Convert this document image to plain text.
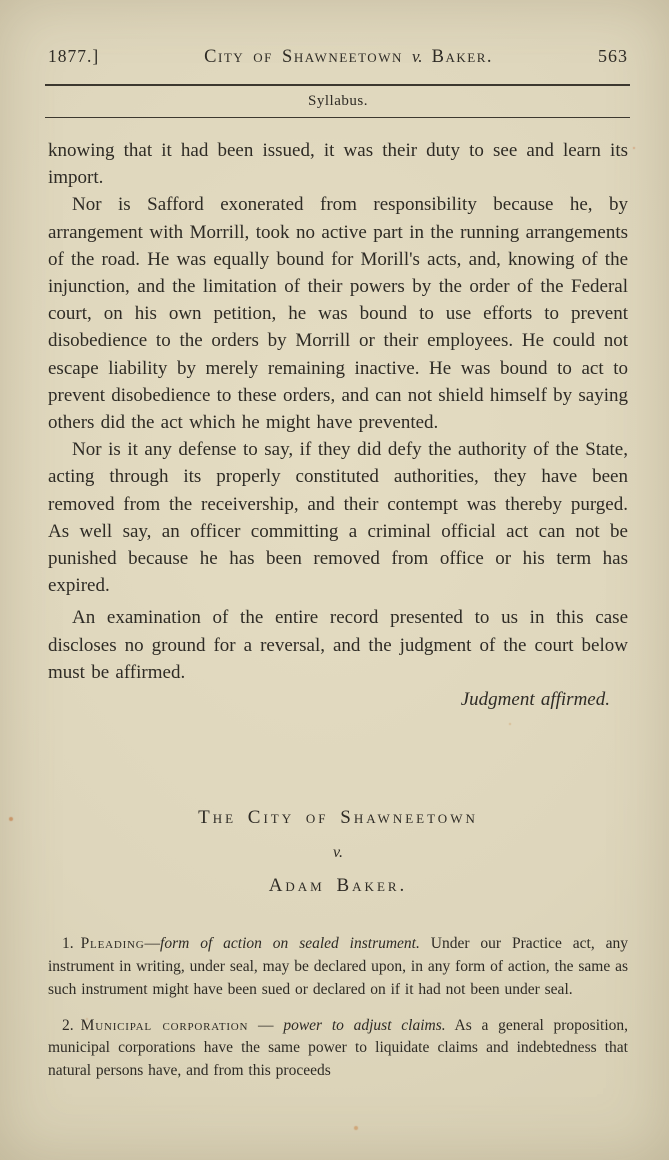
1877.]	City of Shawneetown v. Baker.	563
Syllabus.

knowing that it had been issued, it was their duty to see and learn its import.

Nor is Safford exonerated from responsibility because he, by arrangement with Morrill, took no active part in the running arrangements of the road. He was equally bound for Morill's acts, and, knowing of the injunction, and the limitation of their powers by the order of the Federal court, on his own petition, he was bound to use efforts to prevent disobedience to the orders by Morrill or their employees. He could not escape liability by merely remaining inactive. He was bound to act to prevent disobedience to these orders, and can not shield himself by saying others did the act which he might have prevented.

Nor is it any defense to say, if they did defy the authority of the State, acting through its properly constituted authorities, they have been removed from the receivership, and their contempt was thereby purged. As well say, an officer committing a criminal official act can not be punished because he has been removed from office or his term has expired.

An examination of the entire record presented to us in this case discloses no ground for a reversal, and the judgment of the court below must be affirmed.

Judgment affirmed.

The City of Shawneetown
v.
Adam Baker.

1. Pleading—form of action on sealed instrument. Under our Practice act, any instrument in writing, under seal, may be declared upon, in any form of action, the same as such instrument might have been sued or declared on if it had not been under seal.

2. Municipal corporation — power to adjust claims. As a general proposition, municipal corporations have the same power to liquidate claims and indebtedness that natural persons have, and from this proceeds
